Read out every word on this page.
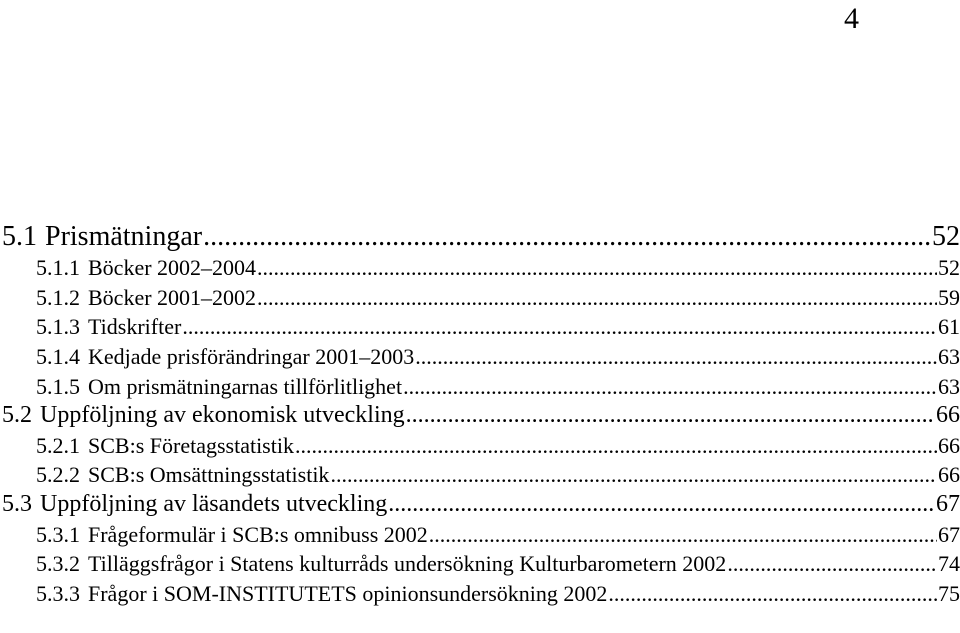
4
5.1 Prismätningar .....	52
5.1.1 Böcker 2002–2004 .....	52
5.1.2 Böcker 2001–2002 .....	59
5.1.3 Tidskrifter .....	61
5.1.4 Kedjade prisförändringar 2001–2003 .....	63
5.1.5 Om prismätningarnas tillförlitlighet .....	63
5.2 Uppföljning av ekonomisk utveckling .....	66
5.2.1 SCB:s Företagsstatistik .....	66
5.2.2 SCB:s Omsättningsstatistik .....	66
5.3 Uppföljning av läsandets utveckling .....	67
5.3.1 Frågeformulär i SCB:s omnibuss 2002 .....	67
5.3.2 Tilläggsfrågor i Statens kulturråds undersökning Kulturbarometern 2002 .....	74
5.3.3 Frågor i SOM-INSTITUTETS opinionsundersökning 2002 .....	75
